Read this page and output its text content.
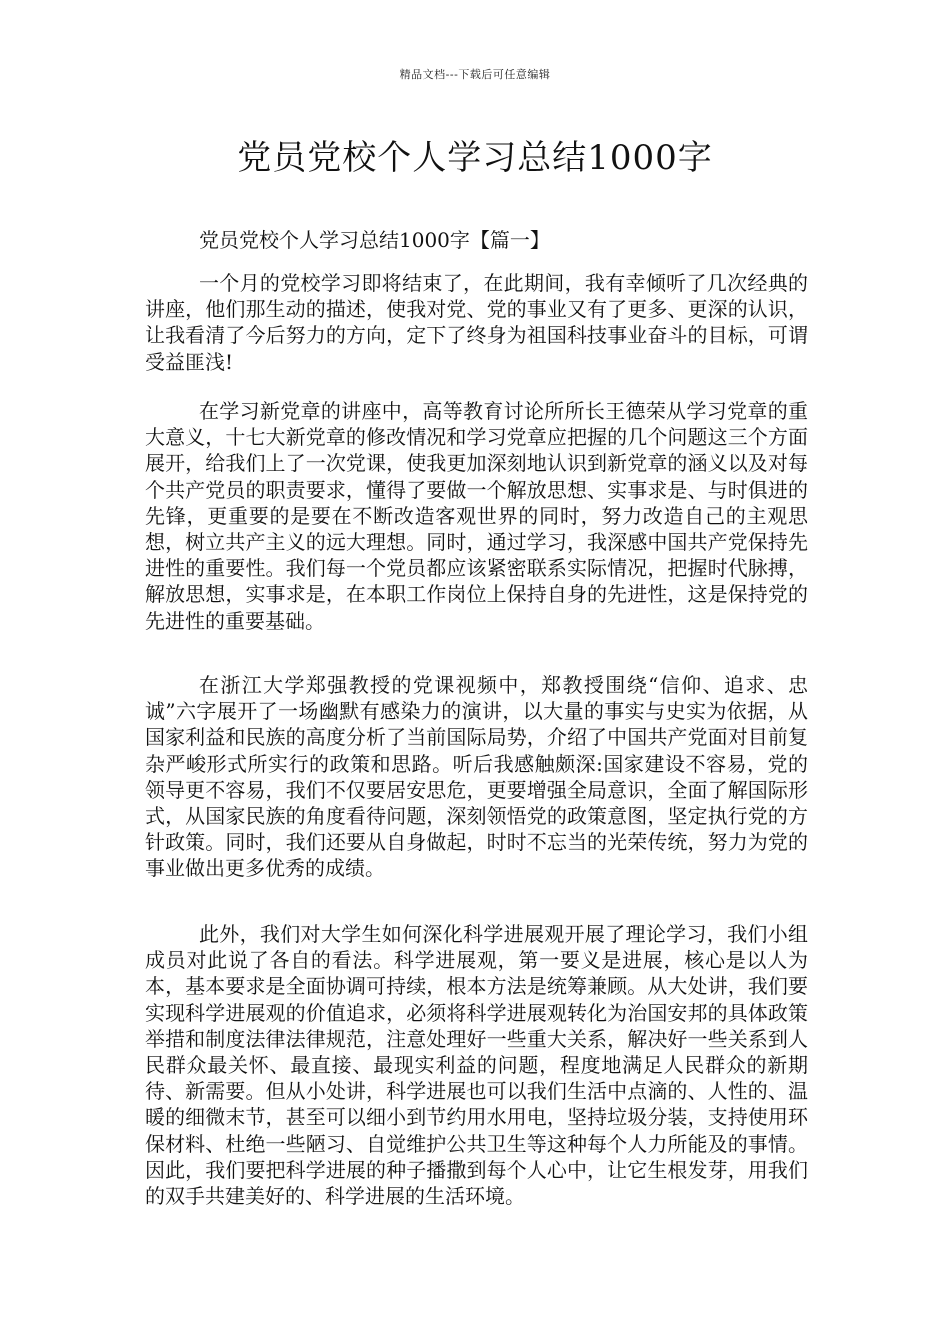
精品文档---下载后可任意编辑
党员党校个人学习总结1000字
党员党校个人学习总结1000字【篇一】

一个月的党校学习即将结束了，在此期间，我有幸倾听了几次经典的讲座，他们那生动的描述，使我对党、党的事业又有了更多、更深的认识，让我看清了今后努力的方向，定下了终身为祖国科技事业奋斗的目标，可谓受益匪浅!

在学习新党章的讲座中，高等教育讨论所所长王德荣从学习党章的重大意义，十七大新党章的修改情况和学习党章应把握的几个问题这三个方面展开，给我们上了一次党课，使我更加深刻地认识到新党章的涵义以及对每个共产党员的职责要求，懂得了要做一个解放思想、实事求是、与时俱进的先锋，更重要的是要在不断改造客观世界的同时，努力改造自己的主观思想，树立共产主义的远大理想。同时，通过学习，我深感中国共产党保持先进性的重要性。我们每一个党员都应该紧密联系实际情况，把握时代脉搏，解放思想，实事求是，在本职工作岗位上保持自身的先进性，这是保持党的先进性的重要基础。

在浙江大学郑强教授的党课视频中，郑教授围绕“信仰、追求、忠诚”六字展开了一场幽默有感染力的演讲，以大量的事实与史实为依据，从国家利益和民族的高度分析了当前国际局势，介绍了中国共产党面对目前复杂严峻形式所实行的政策和思路。听后我感触颇深:国家建设不容易，党的领导更不容易，我们不仅要居安思危，更要增强全局意识，全面了解国际形式，从国家民族的角度看待问题，深刻领悟党的政策意图，坚定执行党的方针政策。同时，我们还要从自身做起，时时不忘当的光荣传统，努力为党的事业做出更多优秀的成绩。

此外，我们对大学生如何深化科学进展观开展了理论学习，我们小组成员对此说了各自的看法。科学进展观，第一要义是进展，核心是以人为本，基本要求是全面协调可持续，根本方法是统筹兼顾。从大处讲，我们要实现科学进展观的价值追求，必须将科学进展观转化为治国安邦的具体政策举措和制度法律法律规范，注意处理好一些重大关系，解决好一些关系到人民群众最关怀、最直接、最现实利益的问题，程度地满足人民群众的新期待、新需要。但从小处讲，科学进展也可以我们生活中点滴的、人性的、温暖的细微末节，甚至可以细小到节约用水用电，坚持垃圾分装，支持使用环保材料、杜绝一些陋习、自觉维护公共卫生等这种每个人力所能及的事情。因此，我们要把科学进展的种子播撒到每个人心中，让它生根发芽，用我们的双手共建美好的、科学进展的生活环境。
